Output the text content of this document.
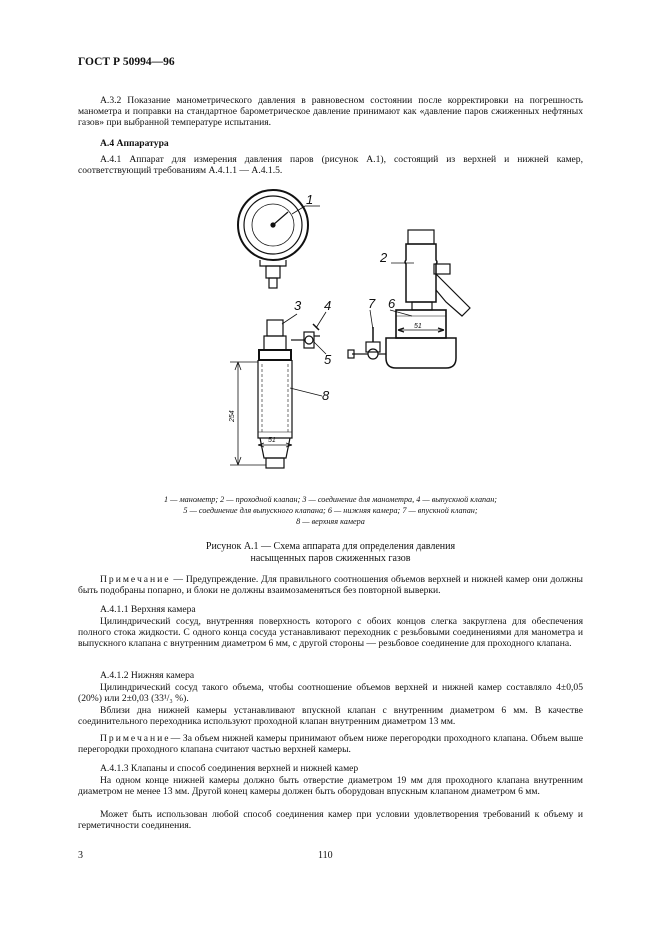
ГОСТ Р 50994—96
А.3.2 Показание манометрического давления в равновесном состоянии после корректировки на погрешность манометра и поправки на стандартное барометрическое давление принимают как «давление паров сжиженных нефтяных газов» при выбранной температуре испытания.
А.4 Аппаратура
А.4.1 Аппарат для измерения давления паров (рисунок А.1), состоящий из верхней и нижней камер, соответствующий требованиям А.4.1.1 — А.4.1.5.
1
2
3 4
5
6
7
8
254
51
51
1 — манометр; 2 — проходной клапан; 3 — соединение для манометра, 4 — выпускной клапан;
5 — соединение для выпускного клапана; 6 — нижняя камера; 7 — впускной клапан;
8 — верхняя камера
Рисунок А.1 — Схема аппарата для определения давления
насыщенных паров сжиженных газов
Примечание — Предупреждение. Для правильного соотношения объемов верхней и нижней камер они должны быть подобраны попарно, и блоки не должны взаимозаменяться без повторной выверки.
А.4.1.1 Верхняя камера
Цилиндрический сосуд, внутренняя поверхность которого с обоих концов слегка закруглена для обеспечения полного стока жидкости. С одного конца сосуда устанавливают переходник с резьбовыми соединениями для манометра и выпускного клапана с внутренним диаметром 6 мм, с другой стороны — резьбовое соединение для проходного клапана.
А.4.1.2 Нижняя камера
Цилиндрический сосуд такого объема, чтобы соотношение объемов верхней и нижней камер составляло 4±0,05 (20%) или 2±0,03 (33¹/₃ %).
Вблизи дна нижней камеры устанавливают впускной клапан с внутренним диаметром 6 мм. В качестве соединительного переходника используют проходной клапан внутренним диаметром 13 мм.
Примечание— За объем нижней камеры принимают объем ниже перегородки проходного клапана. Объем выше перегородки проходного клапана считают частью верхней камеры.
А.4.1.3 Клапаны и способ соединения верхней и нижней камер
На одном конце нижней камеры должно быть отверстие диаметром 19 мм для проходного клапана внутренним диаметром не менее 13 мм. Другой конец камеры должен быть оборудован впускным клапаном диаметром 6 мм.
Может быть использован любой способ соединения камер при условии удовлетворения требований к объему и герметичности соединения.
3	110
